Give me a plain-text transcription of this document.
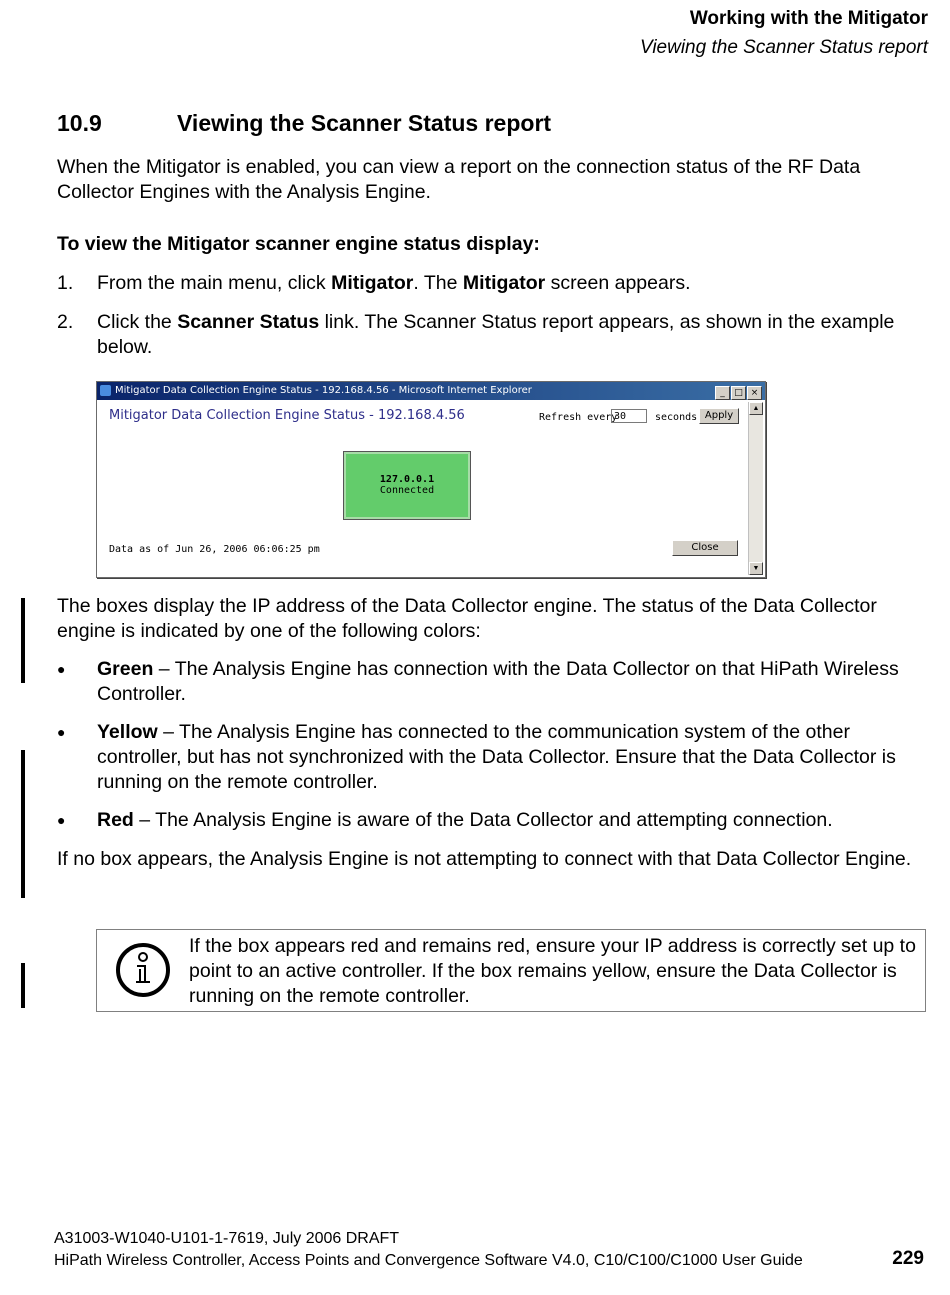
Working with the Mitigator
Viewing the Scanner Status report
10.9	Viewing the Scanner Status report
When the Mitigator is enabled, you can view a report on the connection status of the RF Data Collector Engines with the Analysis Engine.
To view the Mitigator scanner engine status display:
1. From the main menu, click Mitigator. The Mitigator screen appears.
2. Click the Scanner Status link. The Scanner Status report appears, as shown in the example below.
Mitigator Data Collection Engine Status - 192.168.4.56 - Microsoft Internet Explorer	_ □ ×
Mitigator Data Collection Engine Status - 192.168.4.56	Refresh every
30	seconds Apply
127.0.0.1
Connected
Data as of Jun 26, 2006 06:06:25 pm	Close
▲
▼
The boxes display the IP address of the Data Collector engine. The status of the Data Collector engine is indicated by one of the following colors:
● Green – The Analysis Engine has connection with the Data Collector on that HiPath Wireless Controller.
● Yellow – The Analysis Engine has connected to the communication system of the other controller, but has not synchronized with the Data Collector. Ensure that the Data Collector is running on the remote controller.
● Red – The Analysis Engine is aware of the Data Collector and attempting connection.
If no box appears, the Analysis Engine is not attempting to connect with that Data Collector Engine.
If the box appears red and remains red, ensure your IP address is correctly set up to point to an active controller. If the box remains yellow, ensure the Data Collector is running on the remote controller.
A31003-W1040-U101-1-7619, July 2006 DRAFT
HiPath Wireless Controller, Access Points and Convergence Software V4.0, C10/C100/C1000 User Guide	229
